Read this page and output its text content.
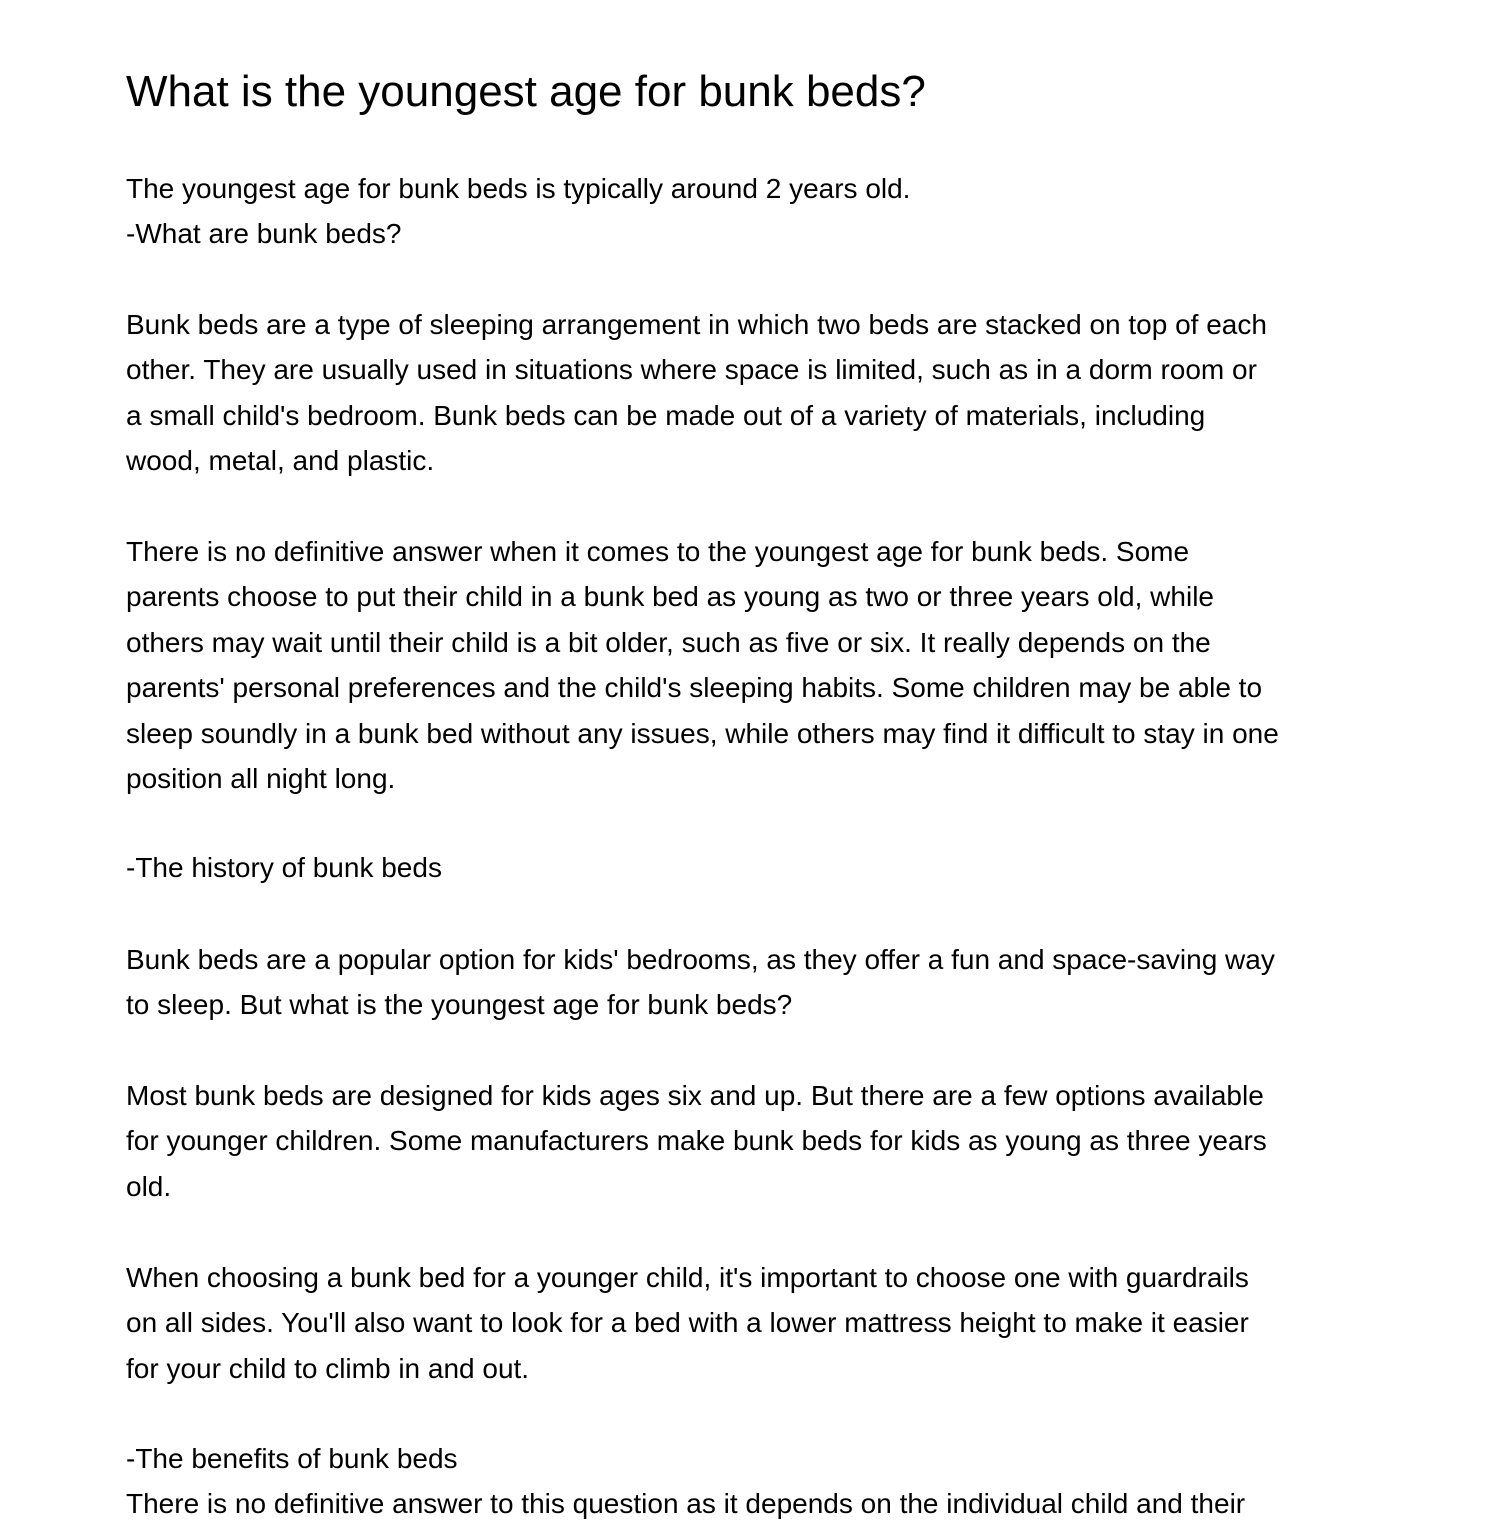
What is the youngest age for bunk beds?

The youngest age for bunk beds is typically around 2 years old.
-What are bunk beds?

Bunk beds are a type of sleeping arrangement in which two beds are stacked on top of each
other. They are usually used in situations where space is limited, such as in a dorm room or
a small child's bedroom. Bunk beds can be made out of a variety of materials, including
wood, metal, and plastic.

There is no definitive answer when it comes to the youngest age for bunk beds. Some
parents choose to put their child in a bunk bed as young as two or three years old, while
others may wait until their child is a bit older, such as five or six. It really depends on the
parents' personal preferences and the child's sleeping habits. Some children may be able to
sleep soundly in a bunk bed without any issues, while others may find it difficult to stay in one
position all night long.

-The history of bunk beds

Bunk beds are a popular option for kids' bedrooms, as they offer a fun and space-saving way
to sleep. But what is the youngest age for bunk beds?

Most bunk beds are designed for kids ages six and up. But there are a few options available
for younger children. Some manufacturers make bunk beds for kids as young as three years
old.

When choosing a bunk bed for a younger child, it's important to choose one with guardrails
on all sides. You'll also want to look for a bed with a lower mattress height to make it easier
for your child to climb in and out.

-The benefits of bunk beds
There is no definitive answer to this question as it depends on the individual child and their
